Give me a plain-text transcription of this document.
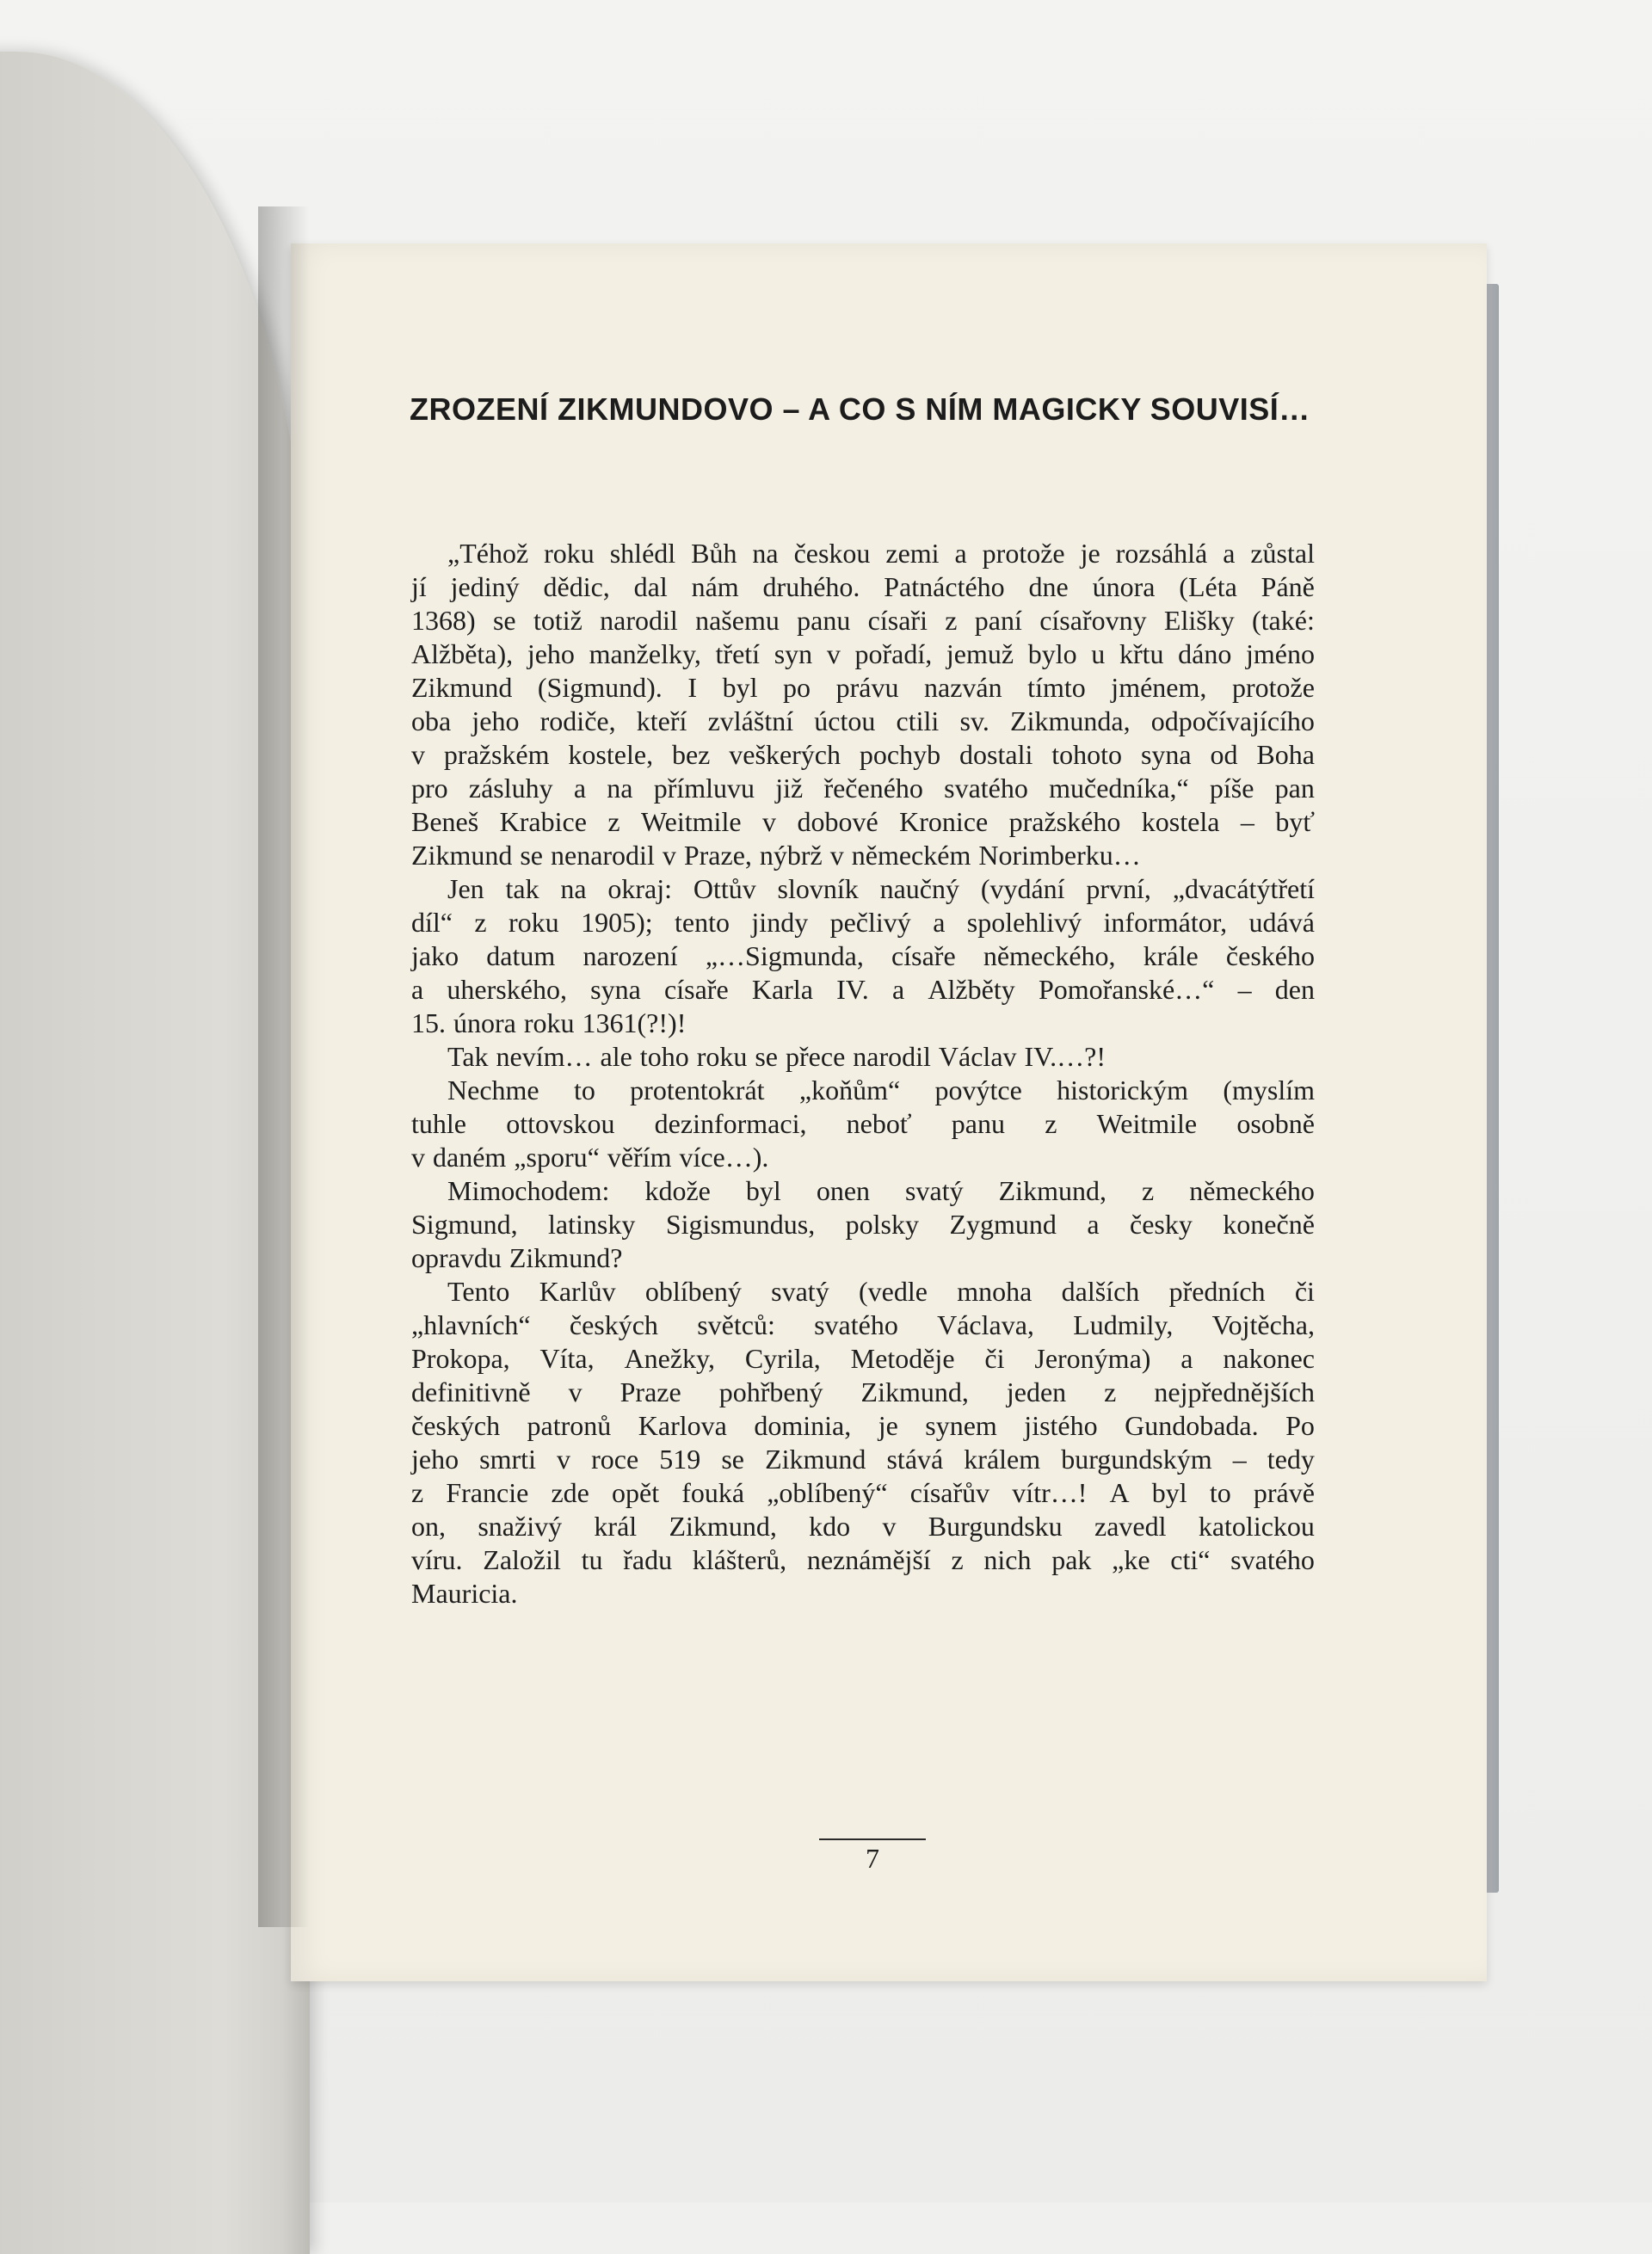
ZROZENÍ ZIKMUNDOVO – A CO S NÍM MAGICKY SOUVISÍ…
„Téhož roku shlédl Bůh na českou zemi a protože je rozsáhlá a zůstal
jí jediný dědic, dal nám druhého. Patnáctého dne února (Léta Páně
1368) se totiž narodil našemu panu císaři z paní císařovny Elišky (také:
Alžběta), jeho manželky, třetí syn v pořadí, jemuž bylo u křtu dáno jméno
Zikmund (Sigmund). I byl po právu nazván tímto jménem, protože
oba jeho rodiče, kteří zvláštní úctou ctili sv. Zikmunda, odpočívajícího
v pražském kostele, bez veškerých pochyb dostali tohoto syna od Boha
pro zásluhy a na přímluvu již řečeného svatého mučedníka,“ píše pan
Beneš Krabice z Weitmile v dobové Kronice pražského kostela – byť
Zikmund se nenarodil v Praze, nýbrž v německém Norimberku…
Jen tak na okraj: Ottův slovník naučný (vydání první, „dvacátýtřetí
díl“ z roku 1905); tento jindy pečlivý a spolehlivý informátor, udává
jako datum narození „…Sigmunda, císaře německého, krále českého
a uherského, syna císaře Karla IV. a Alžběty Pomořanské…“ – den
15. února roku 1361(?!)!
Tak nevím… ale toho roku se přece narodil Václav IV.…?!
Nechme to protentokrát „koňům“ povýtce historickým (myslím
tuhle ottovskou dezinformaci, neboť panu z Weitmile osobně
v daném „sporu“ věřím více…).
Mimochodem: kdože byl onen svatý Zikmund, z německého
Sigmund, latinsky Sigismundus, polsky Zygmund a česky konečně
opravdu Zikmund?
Tento Karlův oblíbený svatý (vedle mnoha dalších předních či
„hlavních“ českých světců: svatého Václava, Ludmily, Vojtěcha,
Prokopa, Víta, Anežky, Cyrila, Metoděje či Jeronýma) a nakonec
definitivně v Praze pohřbený Zikmund, jeden z nejpřednějších
českých patronů Karlova dominia, je synem jistého Gundobada. Po
jeho smrti v roce 519 se Zikmund stává králem burgundským – tedy
z Francie zde opět fouká „oblíbený“ císařův vítr…! A byl to právě
on, snaživý král Zikmund, kdo v Burgundsku zavedl katolickou
víru. Založil tu řadu klášterů, neznámější z nich pak „ke cti“ svatého
Mauricia.
7
